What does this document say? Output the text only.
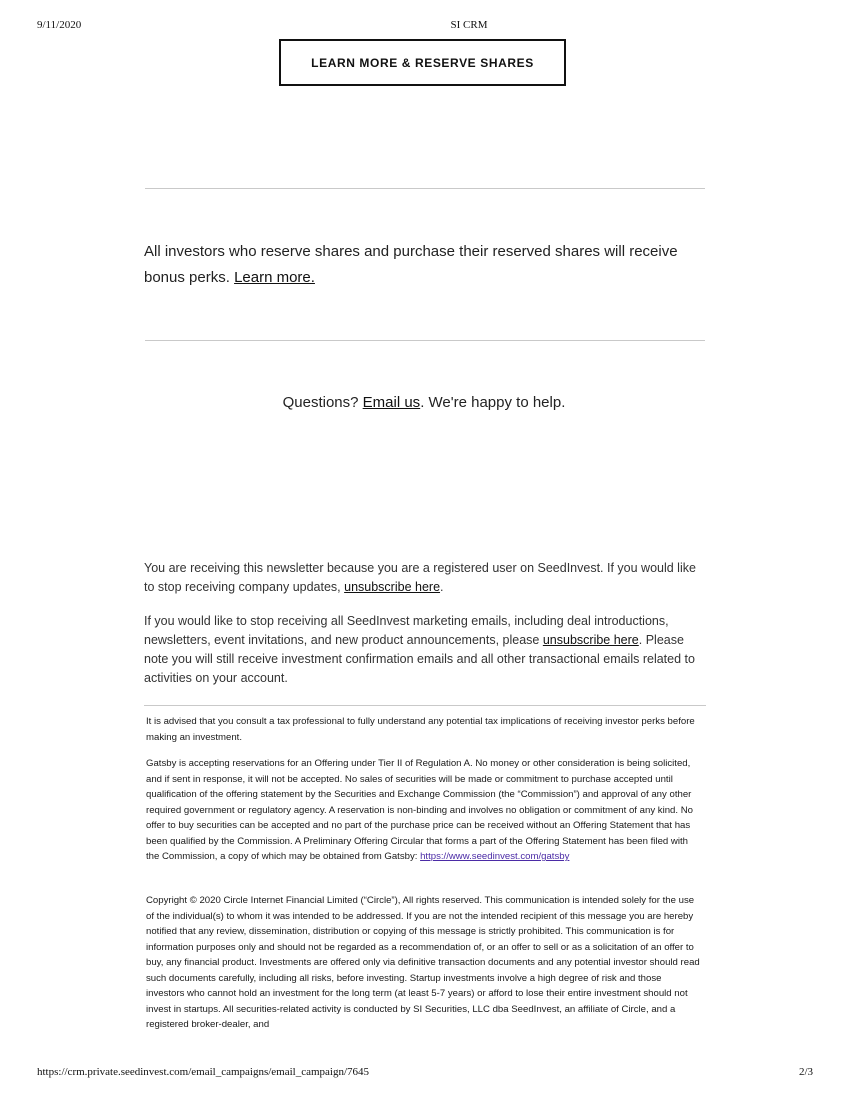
9/11/2020	SI CRM
LEARN MORE & RESERVE SHARES
All investors who reserve shares and purchase their reserved shares will receive bonus perks. Learn more.
Questions? Email us. We're happy to help.

You are receiving this newsletter because you are a registered user on SeedInvest. If you would like to stop receiving company updates, unsubscribe here.

If you would like to stop receiving all SeedInvest marketing emails, including deal introductions, newsletters, event invitations, and new product announcements, please unsubscribe here. Please note you will still receive investment confirmation emails and all other transactional emails related to activities on your account.

It is advised that you consult a tax professional to fully understand any potential tax implications of receiving investor perks before making an investment.

Gatsby is accepting reservations for an Offering under Tier II of Regulation A. No money or other consideration is being solicited, and if sent in response, it will not be accepted. No sales of securities will be made or commitment to purchase accepted until qualification of the offering statement by the Securities and Exchange Commission (the “Commission”) and approval of any other required government or regulatory agency. A reservation is non-binding and involves no obligation or commitment of any kind. No offer to buy securities can be accepted and no part of the purchase price can be received without an Offering Statement that has been qualified by the Commission. A Preliminary Offering Circular that forms a part of the Offering Statement has been filed with the Commission, a copy of which may be obtained from Gatsby: https://www.seedinvest.com/gatsby

Copyright © 2020 Circle Internet Financial Limited (“Circle”), All rights reserved. This communication is intended solely for the use of the individual(s) to whom it was intended to be addressed. If you are not the intended recipient of this message you are hereby notified that any review, dissemination, distribution or copying of this message is strictly prohibited. This communication is for information purposes only and should not be regarded as a recommendation of, or an offer to sell or as a solicitation of an offer to buy, any financial product. Investments are offered only via definitive transaction documents and any potential investor should read such documents carefully, including all risks, before investing. Startup investments involve a high degree of risk and those investors who cannot hold an investment for the long term (at least 5-7 years) or afford to lose their entire investment should not invest in startups. All securities-related activity is conducted by SI Securities, LLC dba SeedInvest, an affiliate of Circle, and a registered broker-dealer, and

https://crm.private.seedinvest.com/email_campaigns/email_campaign/7645	2/3
